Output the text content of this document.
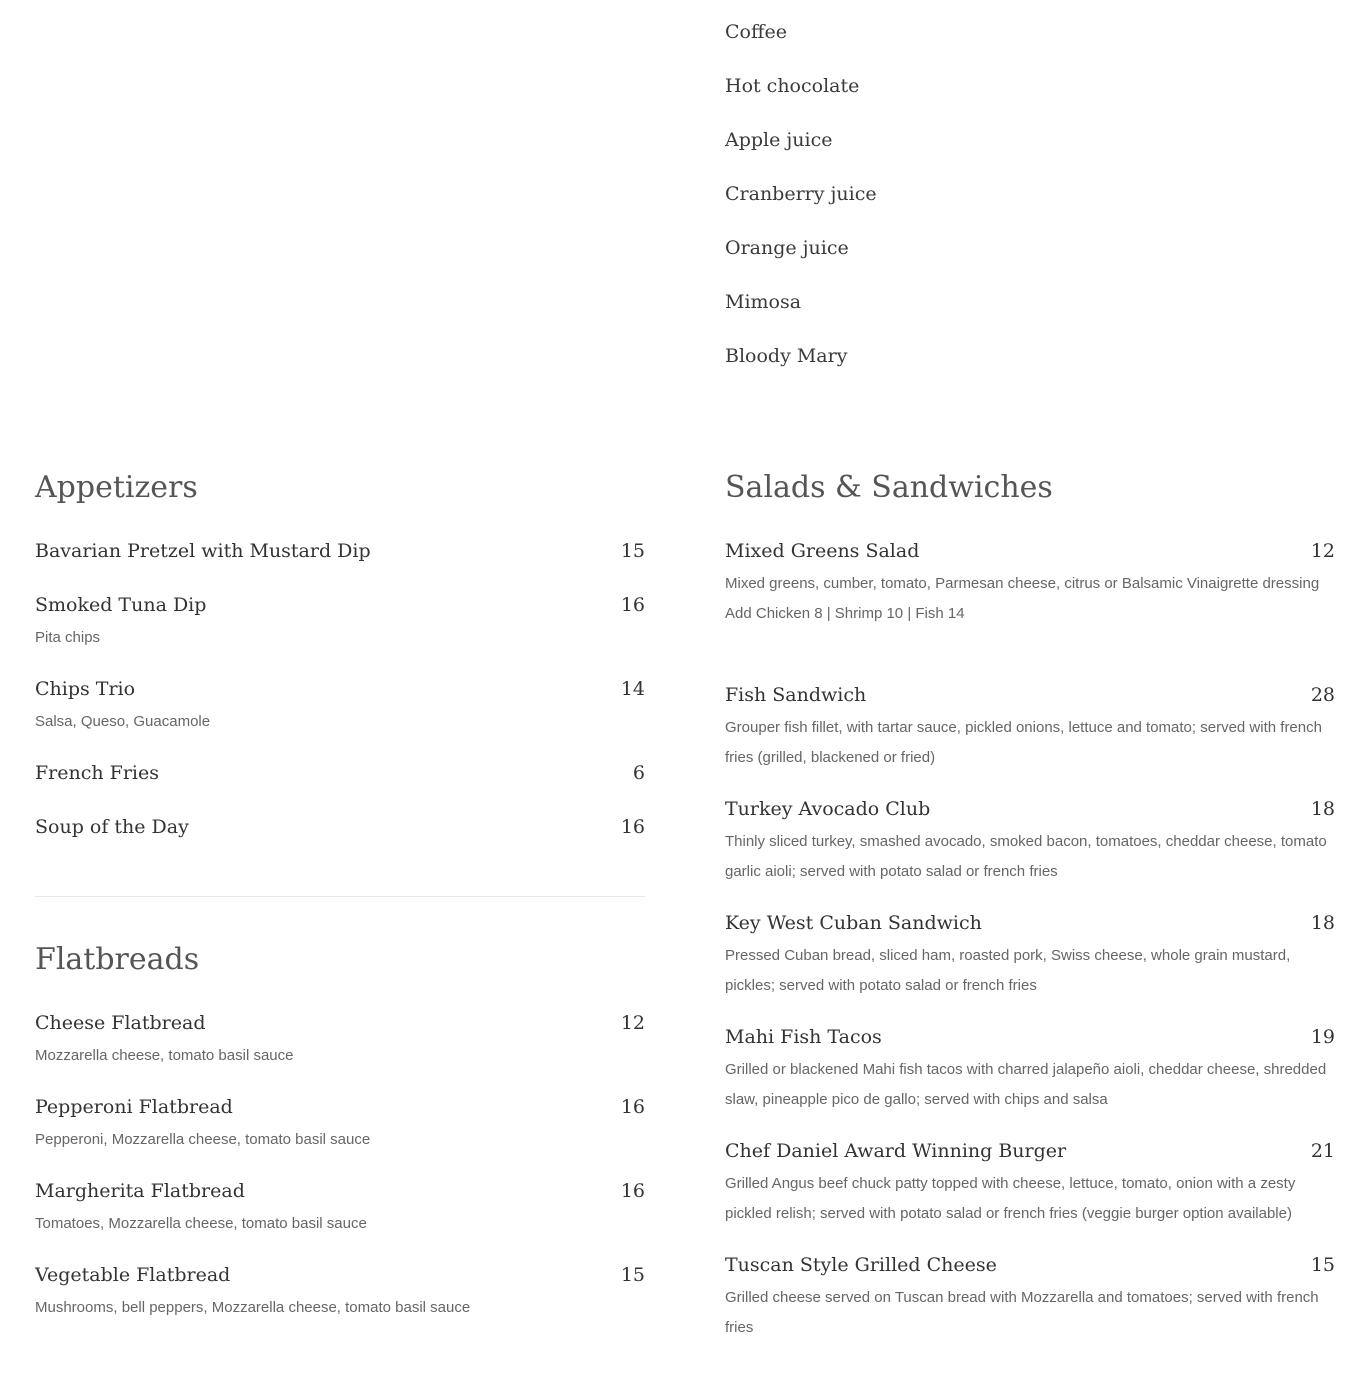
Coffee

Hot chocolate

Apple juice

Cranberry juice

Orange juice

Mimosa

Bloody Mary

Appetizers
Bavarian Pretzel with Mustard Dip	15
Smoked Tuna Dip	16
Pita chips
Chips Trio	14
Salsa, Queso, Guacamole
French Fries	6
Soup of the Day	16
Flatbreads
Cheese Flatbread	12
Mozzarella cheese, tomato basil sauce
Pepperoni Flatbread	16
Pepperoni, Mozzarella cheese, tomato basil sauce
Margherita Flatbread	16
Tomatoes, Mozzarella cheese, tomato basil sauce
Vegetable Flatbread	15
Mushrooms, bell peppers, Mozzarella cheese, tomato basil sauce
Salads & Sandwiches
Mixed Greens Salad	12
Mixed greens, cumber, tomato, Parmesan cheese, citrus or Balsamic Vinaigrette dressing
Add Chicken 8 | Shrimp 10 | Fish 14
Fish Sandwich	28
Grouper fish fillet, with tartar sauce, pickled onions, lettuce and tomato; served with french fries (grilled, blackened or fried)
Turkey Avocado Club	18
Thinly sliced turkey, smashed avocado, smoked bacon, tomatoes, cheddar cheese, tomato garlic aioli; served with potato salad or french fries
Key West Cuban Sandwich	18
Pressed Cuban bread, sliced ham, roasted pork, Swiss cheese, whole grain mustard, pickles; served with potato salad or french fries
Mahi Fish Tacos	19
Grilled or blackened Mahi fish tacos with charred jalapeño aioli, cheddar cheese, shredded slaw, pineapple pico de gallo; served with chips and salsa
Chef Daniel Award Winning Burger	21
Grilled Angus beef chuck patty topped with cheese, lettuce, tomato, onion with a zesty pickled relish; served with potato salad or french fries (veggie burger option available)
Tuscan Style Grilled Cheese	15
Grilled cheese served on Tuscan bread with Mozzarella and tomatoes; served with french fries
